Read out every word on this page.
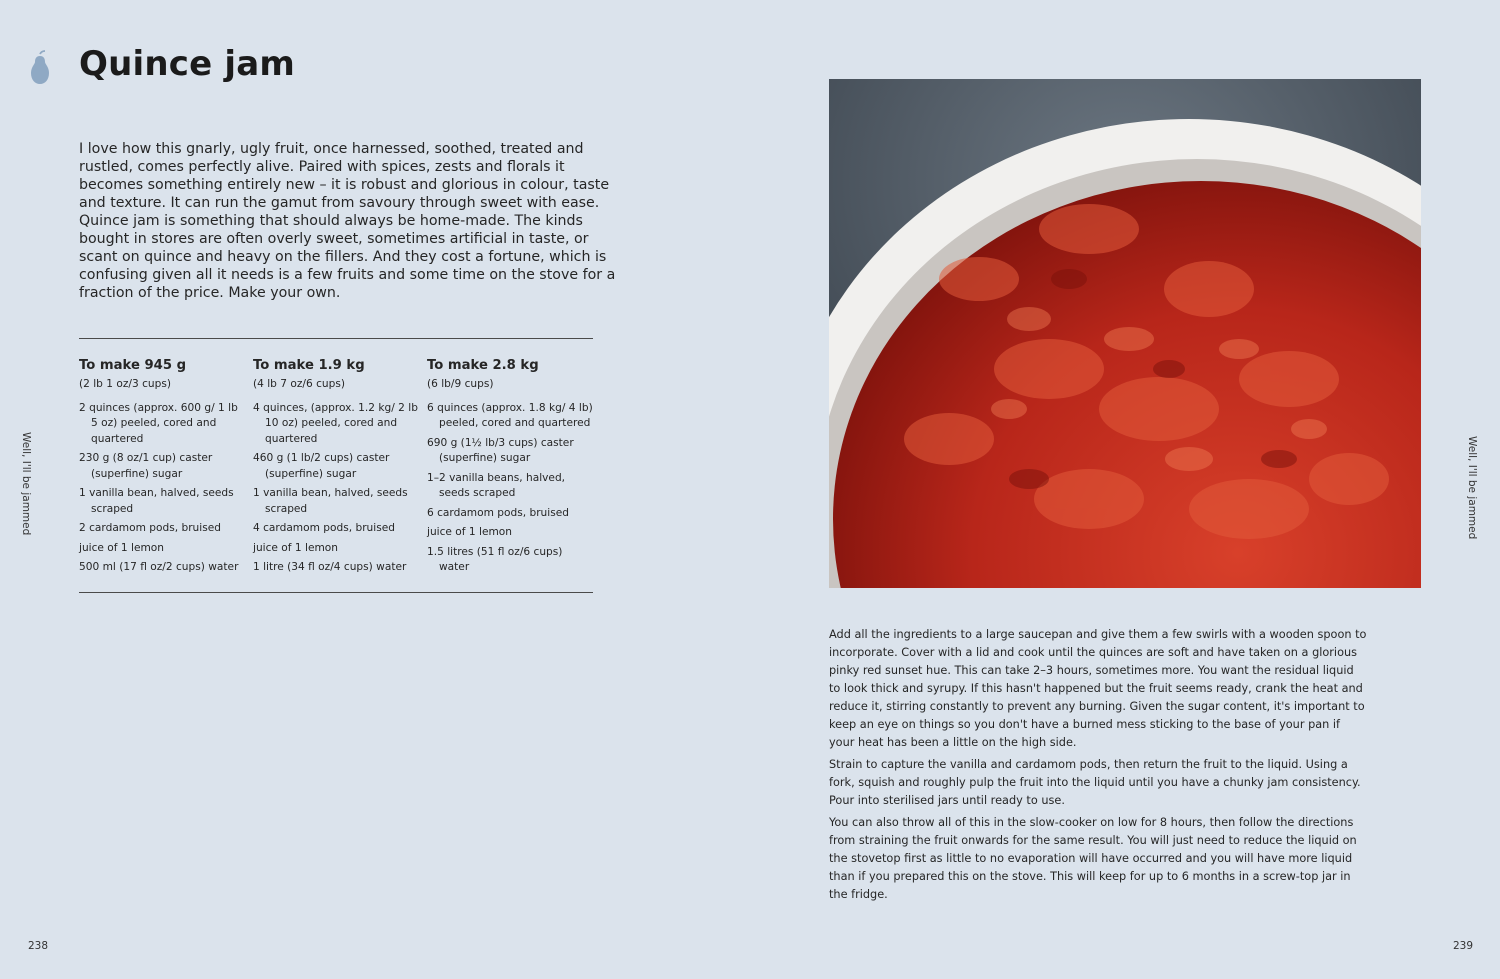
Quince jam

I love how this gnarly, ugly fruit, once harnessed, soothed, treated and rustled, comes perfectly alive. Paired with spices, zests and florals it becomes something entirely new – it is robust and glorious in colour, taste and texture. It can run the gamut from savoury through sweet with ease. Quince jam is something that should always be home-made. The kinds bought in stores are often overly sweet, sometimes artificial in taste, or scant on quince and heavy on the fillers. And they cost a fortune, which is confusing given all it needs is a few fruits and some time on the stove for a fraction of the price. Make your own.

To make 945 g

(2 lb 1 oz/3 cups)

2 quinces (approx. 600 g/ 1 lb 5 oz) peeled, cored and quartered
230 g (8 oz/1 cup) caster (superfine) sugar
1 vanilla bean, halved, seeds scraped
2 cardamom pods, bruised
juice of 1 lemon
500 ml (17 fl oz/2 cups) water

To make 1.9 kg

(4 lb 7 oz/6 cups)

4 quinces, (approx. 1.2 kg/ 2 lb 10 oz) peeled, cored and quartered
460 g (1 lb/2 cups) caster (superfine) sugar
1 vanilla bean, halved, seeds scraped
4 cardamom pods, bruised
juice of 1 lemon
1 litre (34 fl oz/4 cups) water

To make 2.8 kg

(6 lb/9 cups)

6 quinces (approx. 1.8 kg/ 4 lb) peeled, cored and quartered
690 g (1½ lb/3 cups) caster (superfine) sugar
1–2 vanilla beans, halved, seeds scraped
6 cardamom pods, bruised
juice of 1 lemon
1.5 litres (51 fl oz/6 cups) water
Well, I'll be jammed
238
Well, I'll be jammed
239

Add all the ingredients to a large saucepan and give them a few swirls with a wooden spoon to incorporate. Cover with a lid and cook until the quinces are soft and have taken on a glorious pinky red sunset hue. This can take 2–3 hours, sometimes more. You want the residual liquid to look thick and syrupy. If this hasn't happened but the fruit seems ready, crank the heat and reduce it, stirring constantly to prevent any burning. Given the sugar content, it's important to keep an eye on things so you don't have a burned mess sticking to the base of your pan if your heat has been a little on the high side.

Strain to capture the vanilla and cardamom pods, then return the fruit to the liquid. Using a fork, squish and roughly pulp the fruit into the liquid until you have a chunky jam consistency. Pour into sterilised jars until ready to use.

You can also throw all of this in the slow-cooker on low for 8 hours, then follow the directions from straining the fruit onwards for the same result. You will just need to reduce the liquid on the stovetop first as little to no evaporation will have occurred and you will have more liquid than if you prepared this on the stove. This will keep for up to 6 months in a screw-top jar in the fridge.
